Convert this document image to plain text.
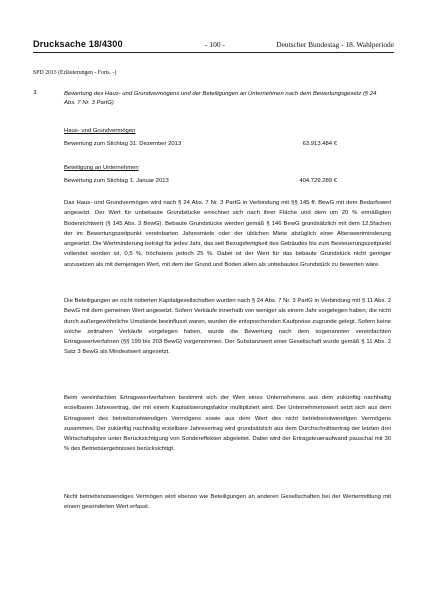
Drucksache 18/4300	- 100 -	Deutscher Bundestag - 18. Wahlperiode
SPD 2013 (Erläuterungen - Forts. -)
3.	Bewertung des Haus- und Grundvermögens und der Beteiligungen an Unternehmen nach dem Bewertungsgesetz (§ 24 Abs. 7 Nr. 3 PartG)
Haus- und Grundvermögen
Bewertung zum Stichtag 31. Dezember 2013	63.913.484 €
Beteiligung an Unternehmen
Bewertung zum Stichtag 1. Januar 2013	404.729.289 €

Das Haus- und Grundvermögen wird nach § 24 Abs. 7 Nr. 3 PartG in Verbindung mit §§ 145 ff. BewG mit dem Bedarfswert angesetzt. Der Wert für unbebaute Grundstücke errechnet sich nach ihrer Fläche und dem um 20 % ermäßigten Bodenrichtwert (§ 145 Abs. 3 BewG). Bebaute Grundstücke werden gemäß § 146 BewG grundsätzlich mit dem 12,5fachen der im Bewertungszeitpunkt vereinbarten Jahresmiete oder der üblichen Miete abzüglich einer Alterswertminderung angesetzt. Die Wertminderung beträgt für jedes Jahr, das seit Bezugsfertigkeit des Gebäudes bis zum Besteuerungszeitpunkt vollendet worden ist, 0,5 %, höchstens jedoch 25 %. Dabei ist der Wert für das bebaute Grundstück nicht geringer anzusetzen als mit demjenigen Wert, mit dem der Grund und Boden allein als unbebautes Grundstück zu bewerten wäre.

Die Beteiligungen an nicht notierten Kapitalgesellschaften wurden nach § 24 Abs. 7 Nr. 3 PartG in Verbindung mit § 11 Abs. 2 BewG mit dem gemeinen Wert angesetzt. Sofern Verkäufe innerhalb von weniger als einem Jahr vorgelegen haben, die nicht durch außergewöhnliche Umstände beeinflusst waren, wurden die entsprechenden Kaufpreise zugrunde gelegt. Sofern keine solche zeitnahen Verkäufe vorgelegen haben, wurde die Bewertung nach dem sogenannten vereinfachten Ertragswertverfahren (§§ 199 bis 203 BewG) vorgenommen. Der Substanzwert einer Gesellschaft wurde gemäß § 11 Abs. 2 Satz 3 BewG als Mindestwert angesetzt.

Beim vereinfachten Ertragswertverfahren bestimmt sich der Wert eines Unternehmens aus dem zukünftig nachhaltig erzielbaren Jahresertrag, der mit einem Kapitalisierungsfaktor multipliziert wird. Der Unternehmenswert setzt sich aus dem Ertragswert des betriebsnotwendigen Vermögens sowie aus dem Wert des nicht betriebsnotwendigen Vermögens zusammen. Der zukünftig nachhaltig erzielbare Jahresertrag wird grundsätzlich aus dem Durchschnittsertrag der letzten drei Wirtschaftsjahre unter Berücksichtigung von Sondereffekten abgeleitet. Dabei wird der Ertragsteueraufwand pauschal mit 30 % des Betriebsergebnisses berücksichtigt.

Nicht betriebsnotwendiges Vermögen wird ebenso wie Beteiligungen an anderen Gesellschaften bei der Wertermittlung mit einem gesonderten Wert erfasst.
